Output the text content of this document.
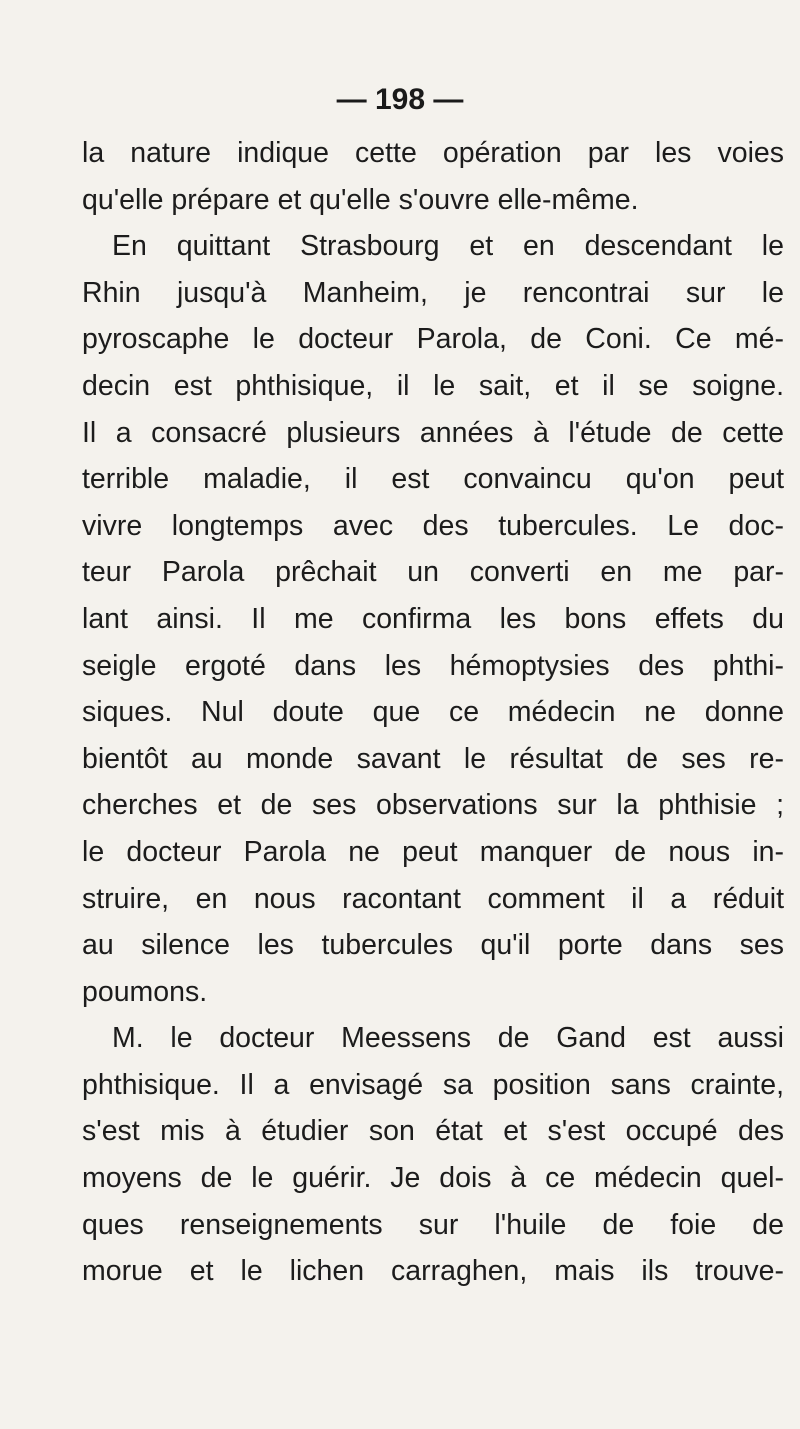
— 198 —
la nature indique cette opération par les voies
qu'elle prépare et qu'elle s'ouvre elle-même.
En quittant Strasbourg et en descendant le
Rhin jusqu'à Manheim, je rencontrai sur le
pyroscaphe le docteur Parola, de Coni. Ce mé-
decin est phthisique, il le sait, et il se soigne.
Il a consacré plusieurs années à l'étude de cette
terrible maladie, il est convaincu qu'on peut
vivre longtemps avec des tubercules. Le doc-
teur Parola prêchait un converti en me par-
lant ainsi. Il me confirma les bons effets du
seigle ergoté dans les hémoptysies des phthi-
siques. Nul doute que ce médecin ne donne
bientôt au monde savant le résultat de ses re-
cherches et de ses observations sur la phthisie ;
le docteur Parola ne peut manquer de nous in-
struire, en nous racontant comment il a réduit
au silence les tubercules qu'il porte dans ses
poumons.
M. le docteur Meessens de Gand est aussi
phthisique. Il a envisagé sa position sans crainte,
s'est mis à étudier son état et s'est occupé des
moyens de le guérir. Je dois à ce médecin quel-
ques renseignements sur l'huile de foie de
morue et le lichen carraghen, mais ils trouve-
